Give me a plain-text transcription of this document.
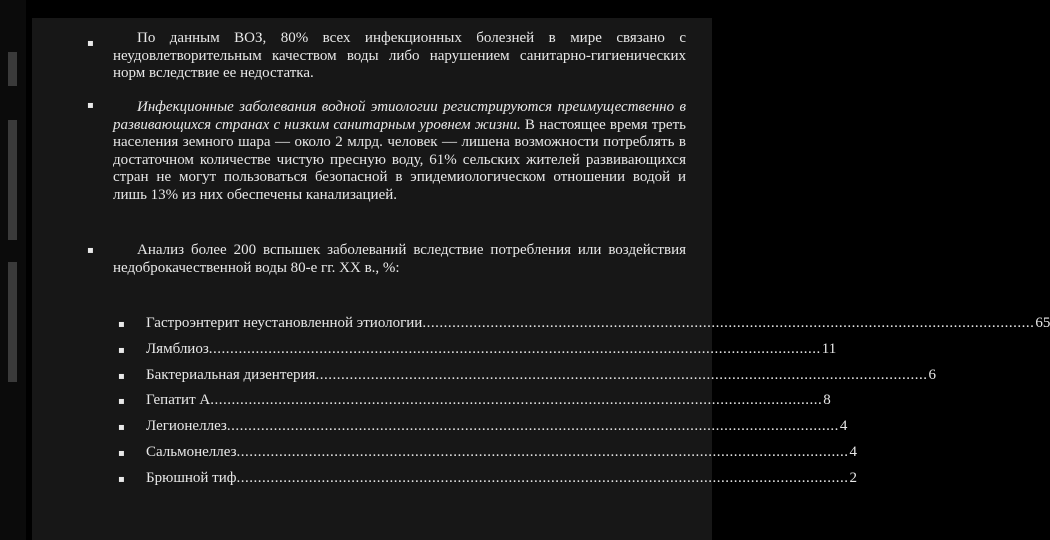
▪	По данным ВОЗ, 80% всех инфекционных болезней в мире связано с неудовлетворительным качеством воды либо нарушением санитарно-гигиенических норм вследствие ее недостатка.

▪	Инфекционные заболевания водной этиологии регистрируются преимущественно в развивающихся странах с низким санитарным уровнем жизни. В настоящее время треть населения земного шара — около 2 млрд. человек — лишена возможности потреблять в достаточном количестве чистую пресную воду, 61% сельских жителей развивающихся стран не могут пользоваться безопасной в эпидемиологическом отношении водой и лишь 13% из них обеспечены канализацией.

▪	Анализ более 200 вспышек заболеваний вследствие потребления или воздействия недоброкачественной воды 80-е гг. XX в., %:

▪	Гастроэнтерит неустановленной этиологии ................................................................................................................................................ 65
▪	Лямблиоз ................................................................................................................................................ 11
▪	Бактериальная дизентерия ................................................................................................................................................ 6
▪	Гепатит А ................................................................................................................................................ 8
▪	Легионеллез ................................................................................................................................................ 4
▪	Сальмонеллез ................................................................................................................................................ 4
▪	Брюшной тиф ................................................................................................................................................ 2
